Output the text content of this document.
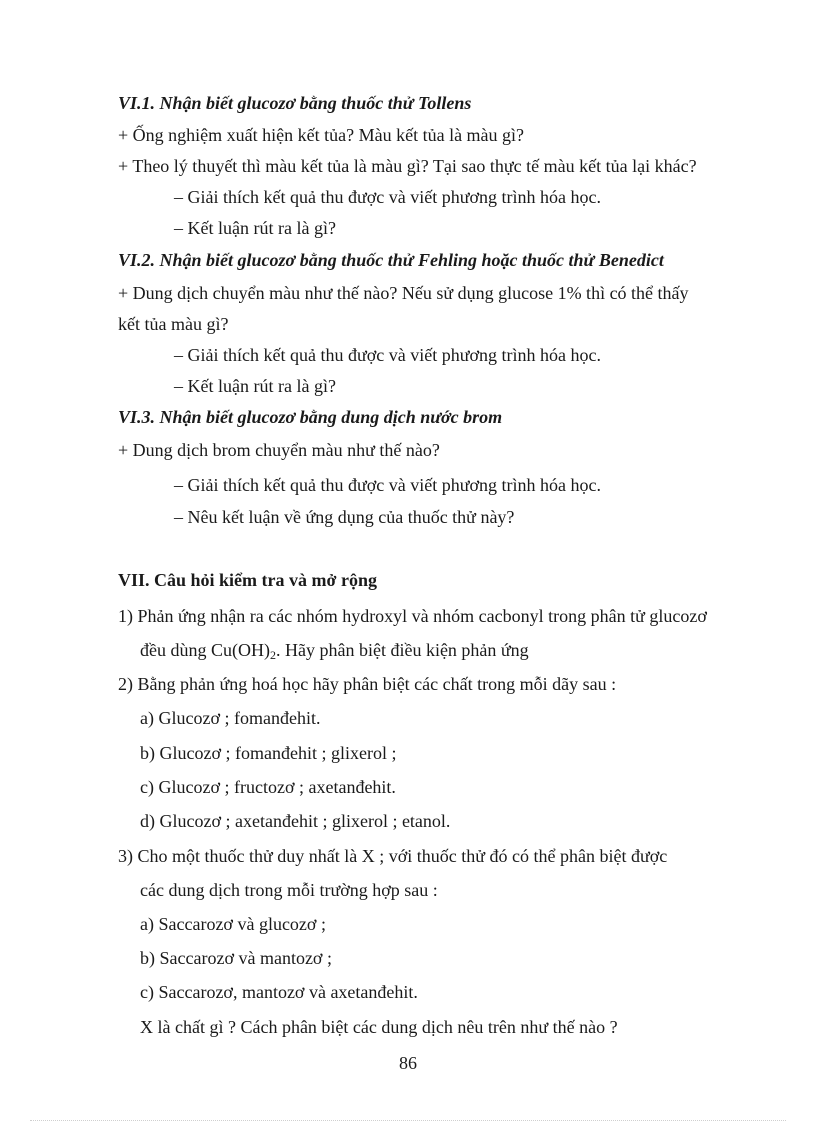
VI.1. Nhận biết glucozơ bằng thuốc thử Tollens
+ Ống nghiệm xuất hiện kết tủa? Màu kết tủa là màu gì?
+ Theo lý thuyết thì màu kết tủa là màu gì? Tại sao thực tế màu kết tủa lại khác?
– Giải thích kết quả thu được và viết phương trình hóa học.
– Kết luận rút ra là gì?
VI.2. Nhận biết glucozơ bằng thuốc thử Fehling hoặc thuốc thử Benedict
+ Dung dịch chuyển màu như thế nào? Nếu sử dụng glucose 1% thì có thể thấy
kết tủa màu gì?
– Giải thích kết quả thu được và viết phương trình hóa học.
– Kết luận rút ra là gì?
VI.3. Nhận biết glucozơ bằng dung dịch nước brom
+ Dung dịch brom chuyển màu như thế nào?
– Giải thích kết quả thu được và viết phương trình hóa học.
– Nêu kết luận về ứng dụng của thuốc thử này?
VII. Câu hỏi kiểm tra và mở rộng
1) Phản ứng nhận ra các nhóm hydroxyl và nhóm cacbonyl trong phân tử glucozơ
đều dùng $Cu(OH)_2$. Hãy phân biệt điều kiện phản ứng
2) Bằng phản ứng hoá học hãy phân biệt các chất trong mỗi dãy sau :
a) Glucozơ ; fomanđehit.
b) Glucozơ ; fomanđehit ; glixerol ;
c) Glucozơ ; fructozơ ; axetanđehit.
d) Glucozơ ; axetanđehit ; glixerol ; etanol.
3) Cho một thuốc thử duy nhất là X ; với thuốc thử đó có thể phân biệt được
các dung dịch trong mỗi trường hợp sau :
a) Saccarozơ và glucozơ ;
b) Saccarozơ và mantozơ ;
c) Saccarozơ, mantozơ và axetanđehit.
X là chất gì ? Cách phân biệt các dung dịch nêu trên như thế nào ?
86
